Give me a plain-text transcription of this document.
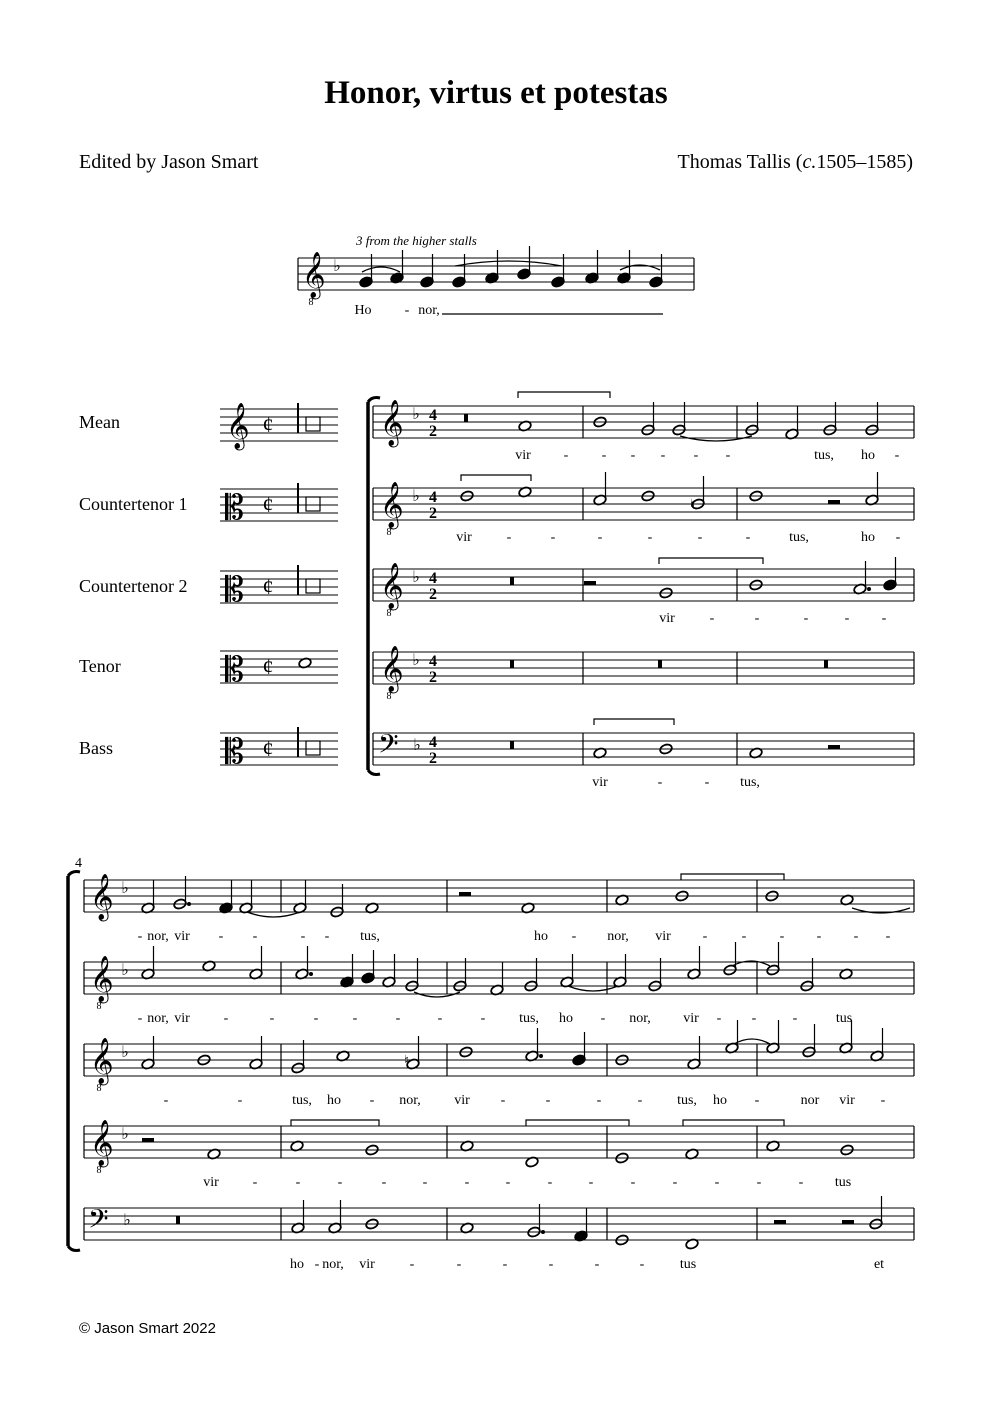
Honor, virtus et potestas
Edited by Jason Smart	Thomas Tallis (c.1505–1585)
Mean
Countertenor 1
Countertenor 2
Tenor
Bass
4
© Jason Smart 2022
𝄞
8
♭
3 from the higher stalls
Ho - nor,
𝄞 ¢
𝄡 ¢
𝄡 ¢
𝄡 ¢
𝄡 ¢
𝄞 ♭ 4
2
𝄞
8
♭ 4
2
𝄞
8
♭ 4
2
𝄞
8
♭ 4
2
𝄢 ♭ 4
2
vir - - - - - -	tus, ho -
♮
vir -	-	-	-	-	-	tus,	ho -
vir -	-	-	- -
vir	-	- tus,
𝄞 ♭
𝄞
8
♭
𝄞
8
♭
𝄞
8
♭
𝄢 ♭
- nor, vir - -	- - tus,	ho - nor, vir - - - - - -
- nor, vir -	-	- -	-	-	- tus, ho - nor, vir - -	-	tus
♮
-	-	tus, ho - nor, vir -	-	-	- tus, ho -	nor vir -
vir -	-	-	-	-	-	-	-	-	-	-	-	-	- tus
ho - nor, vir -	-	-	-	-	-	tus	et
